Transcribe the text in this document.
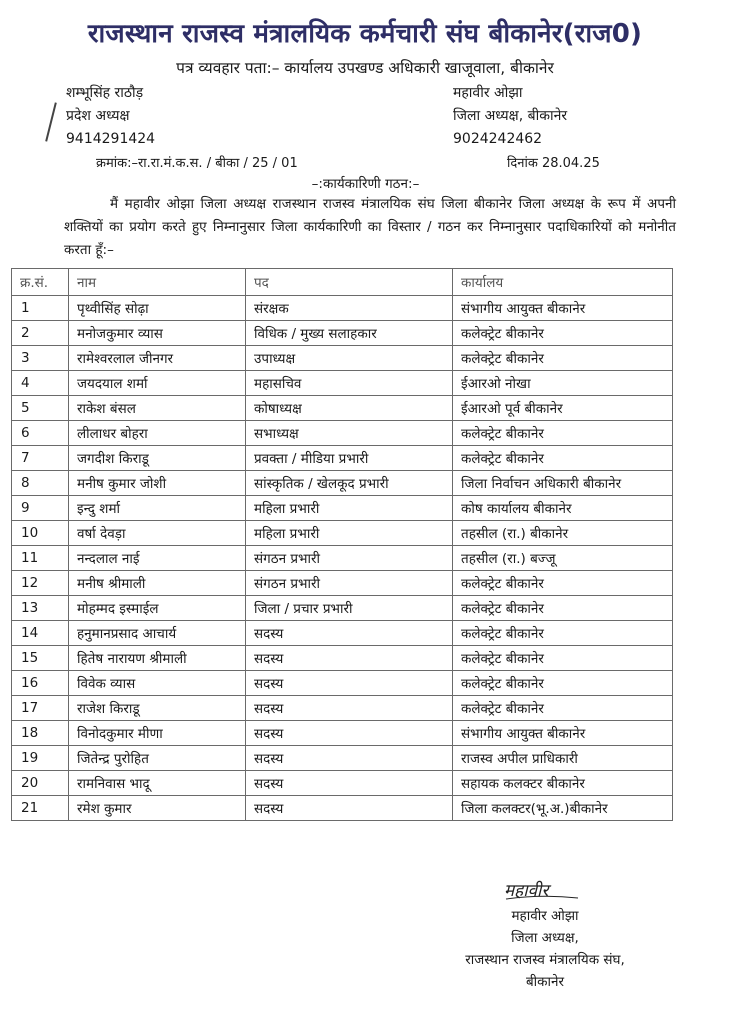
राजस्थान राजस्व मंत्रालयिक कर्मचारी संघ बीकानेर(राज0)
पत्र व्यवहार पता:– कार्यालय उपखण्ड अधिकारी खाजूवाला, बीकानेर
शम्भूसिंह राठौड़
प्रदेश अध्यक्ष
9414291424
महावीर ओझा
जिला अध्यक्ष, बीकानेर
9024242462
क्रमांक:–रा.रा.मं.क.स. / बीका / 25 / 01	दिनांक 28.04.25
–:कार्यकारिणी गठन:–
मैं महावीर ओझा जिला अध्यक्ष राजस्थान राजस्व मंत्रालयिक संघ जिला बीकानेर जिला अध्यक्ष के रूप में अपनी शक्तियों का प्रयोग करते हुए निम्नानुसार जिला कार्यकारिणी का विस्तार / गठन कर निम्नानुसार पदाधिकारियों को मनोनीत करता हूँ:–
क्र.सं.	नाम	पद	कार्यालय
1	पृथ्वीसिंह सोढ़ा	संरक्षक	संभागीय आयुक्त बीकानेर
2	मनोजकुमार व्यास	विधिक / मुख्य सलाहकार	कलेक्ट्रेट बीकानेर
3	रामेश्वरलाल जीनगर	उपाध्यक्ष	कलेक्ट्रेट बीकानेर
4	जयदयाल शर्मा	महासचिव	ईआरओ नोखा
5	राकेश बंसल	कोषाध्यक्ष	ईआरओ पूर्व बीकानेर
6	लीलाधर बोहरा	सभाध्यक्ष	कलेक्ट्रेट बीकानेर
7	जगदीश किराडू	प्रवक्ता / मीडिया प्रभारी	कलेक्ट्रेट बीकानेर
8	मनीष कुमार जोशी	सांस्कृतिक / खेलकूद प्रभारी	जिला निर्वाचन अधिकारी बीकानेर
9	इन्दु शर्मा	महिला प्रभारी	कोष कार्यालय बीकानेर
10	वर्षा देवड़ा	महिला प्रभारी	तहसील (रा.) बीकानेर
11	नन्दलाल नाई	संगठन प्रभारी	तहसील (रा.) बज्जू
12	मनीष श्रीमाली	संगठन प्रभारी	कलेक्ट्रेट बीकानेर
13	मोहम्मद इस्माईल	जिला / प्रचार प्रभारी	कलेक्ट्रेट बीकानेर
14	हनुमानप्रसाद आचार्य	सदस्य	कलेक्ट्रेट बीकानेर
15	हितेष नारायण श्रीमाली	सदस्य	कलेक्ट्रेट बीकानेर
16	विवेक व्यास	सदस्य	कलेक्ट्रेट बीकानेर
17	राजेश किराडू	सदस्य	कलेक्ट्रेट बीकानेर
18	विनोदकुमार मीणा	सदस्य	संभागीय आयुक्त बीकानेर
19	जितेन्द्र पुरोहित	सदस्य	राजस्व अपील प्राधिकारी
20	रामनिवास भादू	सदस्य	सहायक कलक्टर बीकानेर
21	रमेश कुमार	सदस्य	जिला कलक्टर(भू.अ.)बीकानेर
महावीर
महावीर ओझा
जिला अध्यक्ष,
राजस्थान राजस्व मंत्रालयिक संघ,
बीकानेर
